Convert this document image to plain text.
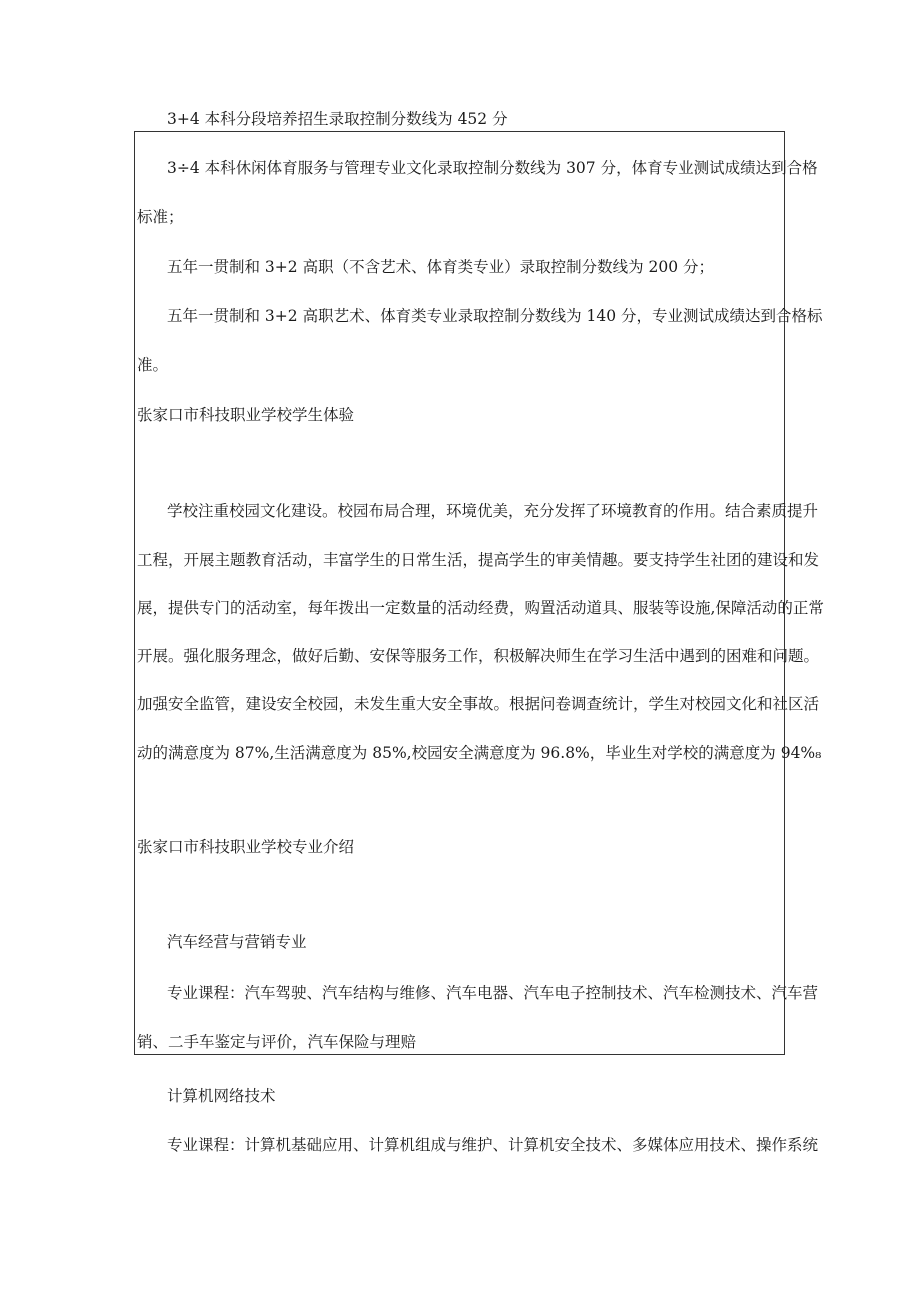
3+4 本科分段培养招生录取控制分数线为 452 分
3÷4 本科休闲体育服务与管理专业文化录取控制分数线为 307 分，体育专业测试成绩达到合格
标准；
五年一贯制和 3+2 高职（不含艺术、体育类专业）录取控制分数线为 200 分；
五年一贯制和 3+2 高职艺术、体育类专业录取控制分数线为 140 分，专业测试成绩达到合格标
准。
张家口市科技职业学校学生体验
学校注重校园文化建设。校园布局合理，环境优美，充分发挥了环境教育的作用。结合素质提升
工程，开展主题教育活动，丰富学生的日常生活，提高学生的审美情趣。要支持学生社团的建设和发
展，提供专门的活动室，每年拨出一定数量的活动经费，购置活动道具、服装等设施,保障活动的正常
开展。强化服务理念，做好后勤、安保等服务工作，积极解决师生在学习生活中遇到的困难和问题。
加强安全监管，建设安全校园，未发生重大安全事故。根据问卷调查统计，学生对校园文化和社区活
动的满意度为 87%,生活满意度为 85%,校园安全满意度为 96.8%，毕业生对学校的满意度为 94%₈
张家口市科技职业学校专业介绍
汽车经营与营销专业
专业课程：汽车驾驶、汽车结构与维修、汽车电器、汽车电子控制技术、汽车检测技术、汽车营
销、二手车鉴定与评价，汽车保险与理赔
计算机网络技术
专业课程：计算机基础应用、计算机组成与维护、计算机安全技术、多媒体应用技术、操作系统
